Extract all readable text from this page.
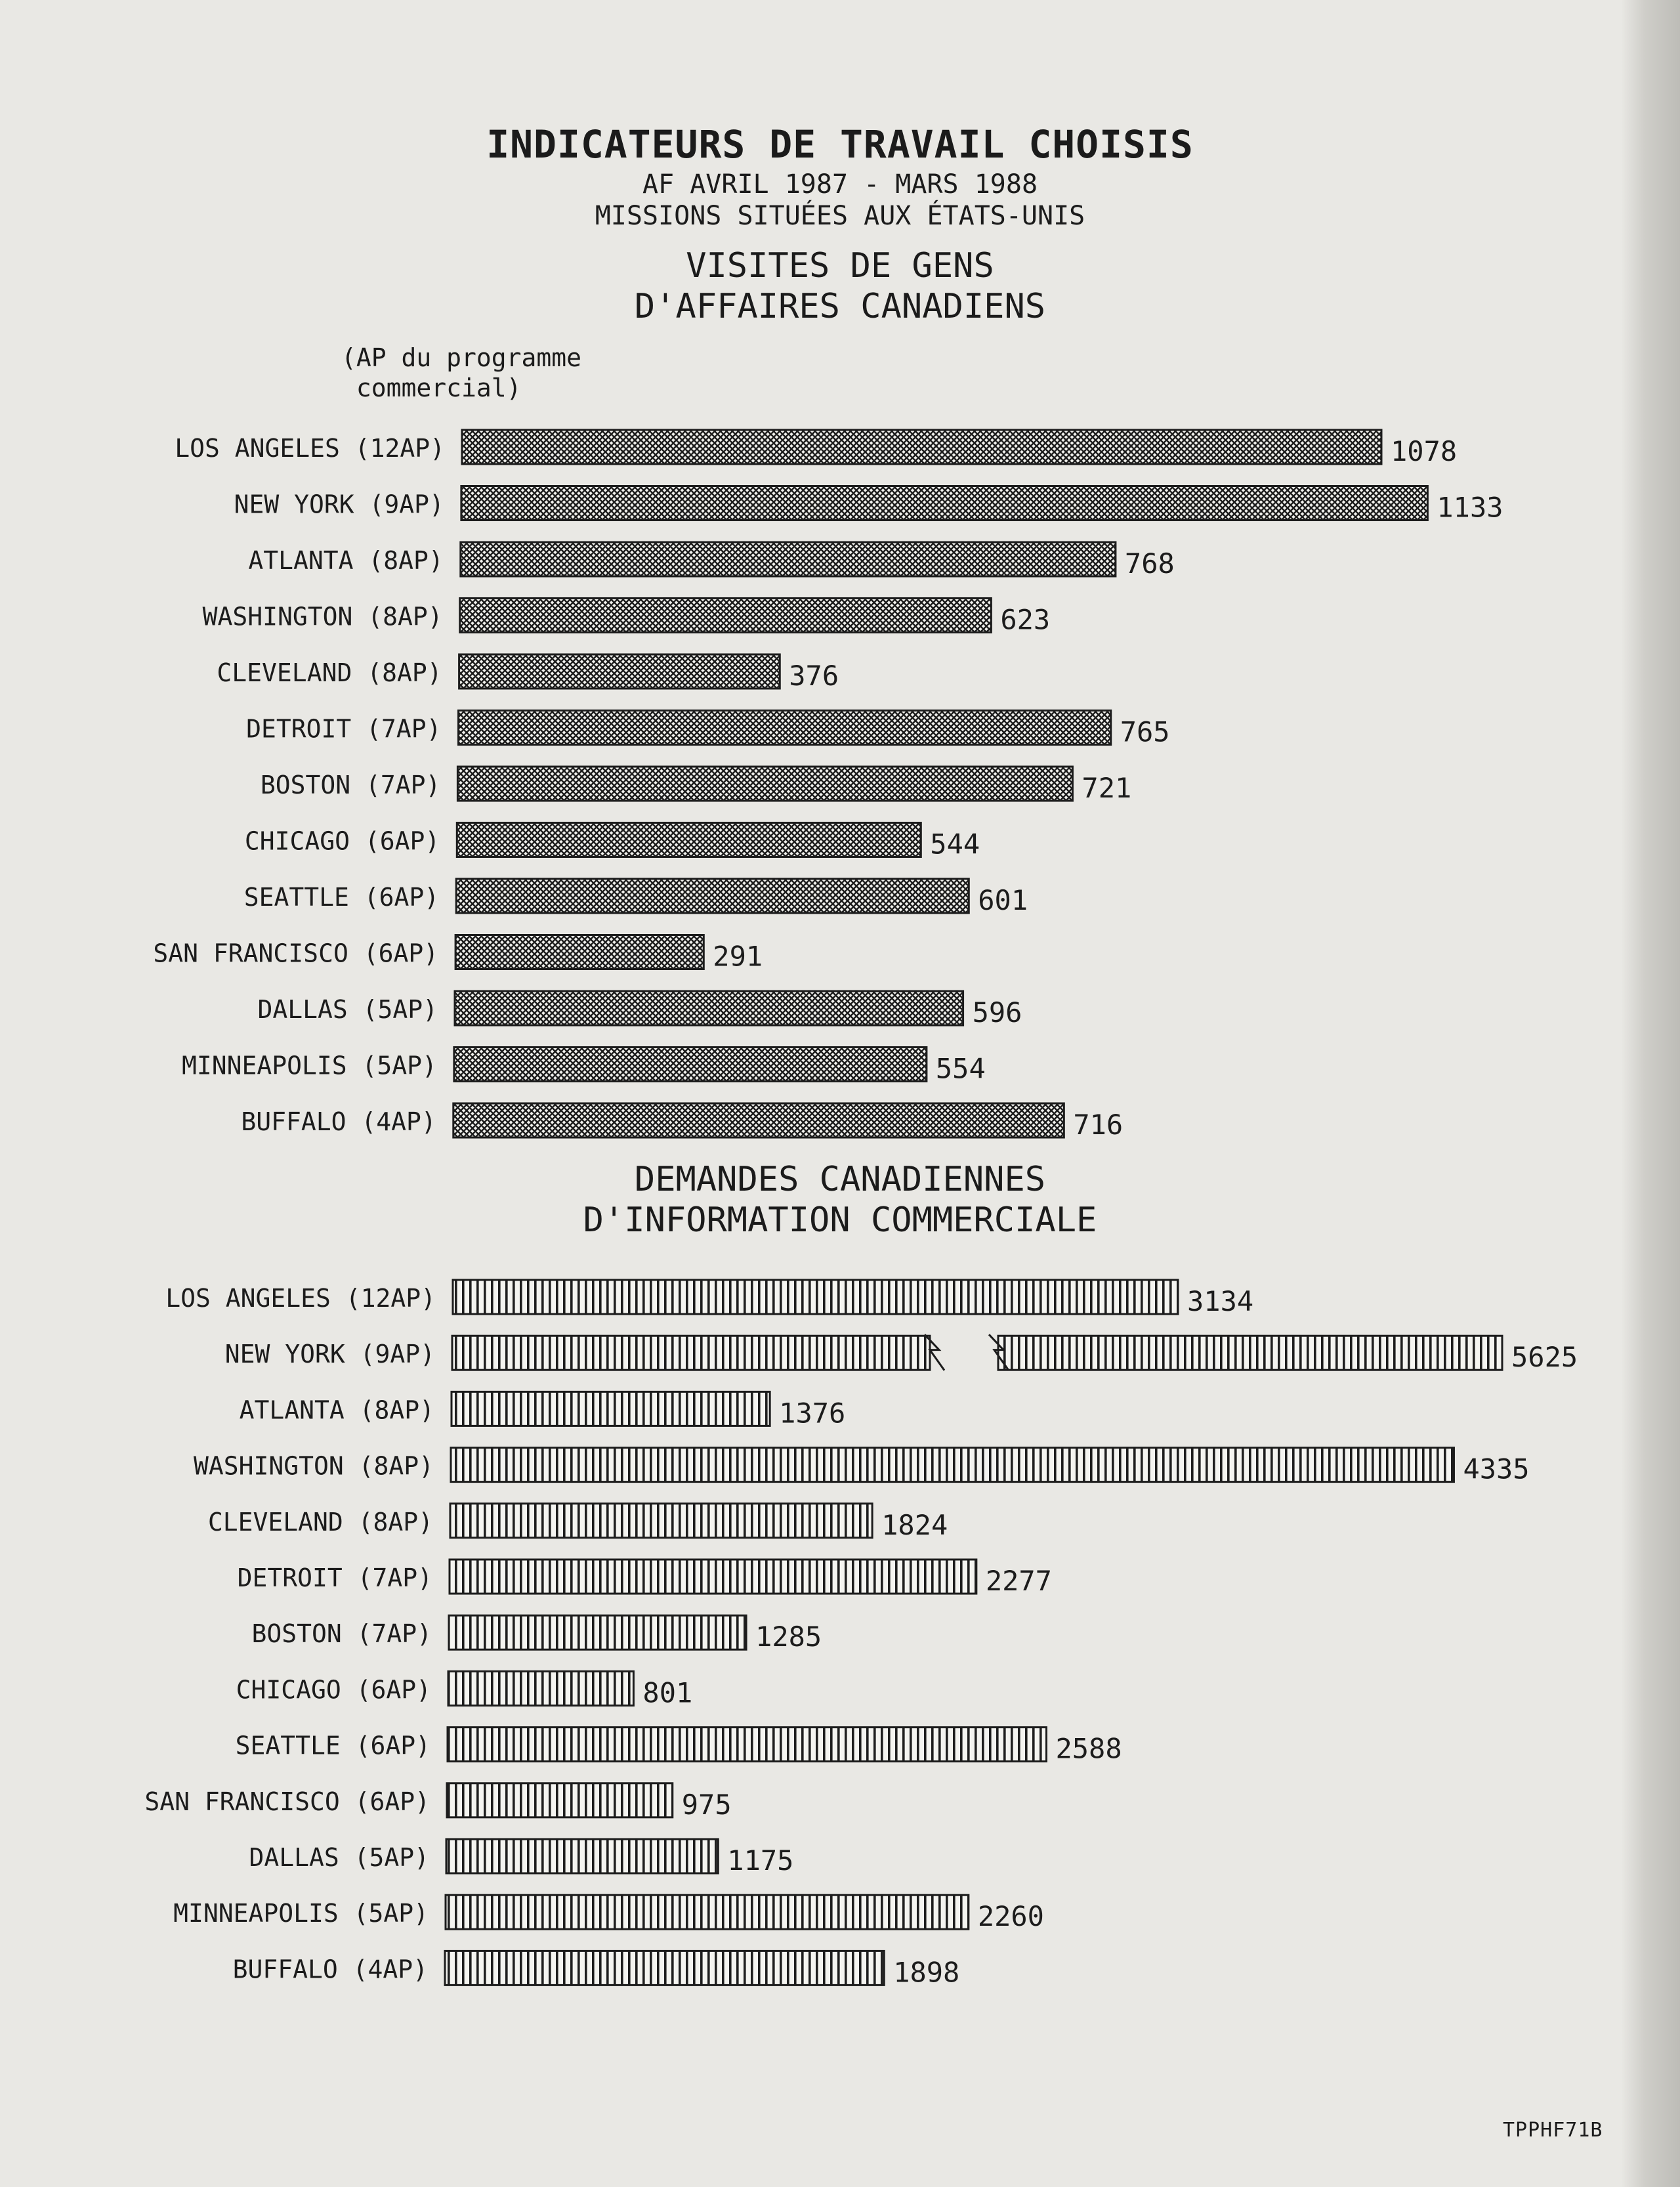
INDICATEURS DE TRAVAIL CHOISIS
AF AVRIL 1987 - MARS 1988
MISSIONS SITUÉES AUX ÉTATS-UNIS
VISITES DE GENS
D'AFFAIRES CANADIENS
(AP du programme
commercial)
DEMANDES CANADIENNES
D'INFORMATION COMMERCIALE
LOS ANGELES (12AP)	1078
NEW YORK (9AP)	1133
ATLANTA (8AP)	768
WASHINGTON (8AP)	623
CLEVELAND (8AP)	376
DETROIT (7AP)	765
BOSTON (7AP)	721
CHICAGO (6AP)	544
SEATTLE (6AP)	601
SAN FRANCISCO (6AP)	291
DALLAS (5AP)	596
MINNEAPOLIS (5AP)	554
BUFFALO (4AP)	716
LOS ANGELES (12AP)	3134
NEW YORK (9AP)	5625
ATLANTA (8AP)	1376
WASHINGTON (8AP)	4335
CLEVELAND (8AP)	1824
DETROIT (7AP)	2277
BOSTON (7AP)	1285
CHICAGO (6AP)	801
SEATTLE (6AP)	2588
SAN FRANCISCO (6AP)	975
DALLAS (5AP)	1175
MINNEAPOLIS (5AP)	2260
BUFFALO (4AP)	1898
TPPHF71B
